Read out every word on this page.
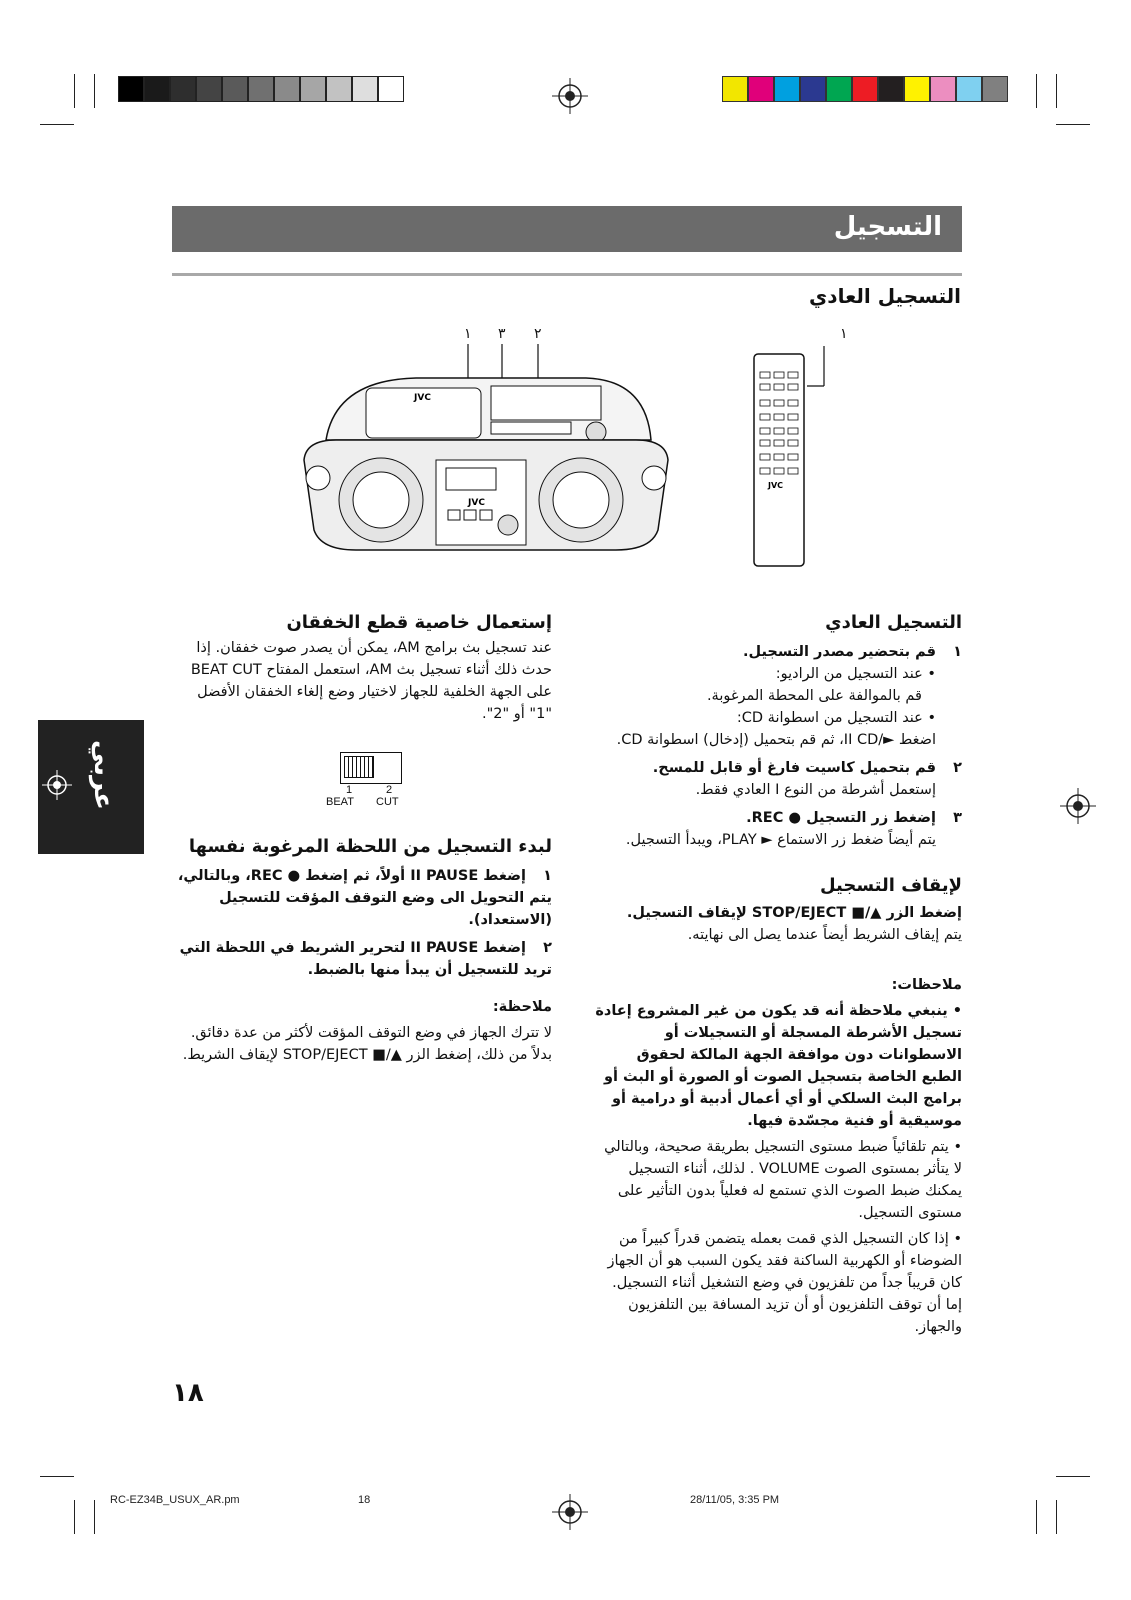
التسجيل
التسجيل العادي
١ ٣ ٢	١
JVC
JVC
JVC
التسجيل العادي
١قم بتحضير مصدر التسجيل.
• عند التسجيل من الراديو:
قم بالموالفة على المحطة المرغوبة.
• عند التسجيل من اسطوانة CD:
اضغط ►/II CD، ثم قم بتحميل (إدخال) اسطوانة CD.
٢قم بتحميل كاسيت فارغ أو قابل للمسح.
إستعمل أشرطة من النوع I العادي فقط.
٣إضغط زر التسجيل ● REC.
يتم أيضاً ضغط زر الاستماع ► PLAY، ويبدأ التسجيل.
لإيقاف التسجيل
إضغط الزر ▲/■ STOP/EJECT لإيقاف التسجيل.
يتم إيقاف الشريط أيضاً عندما يصل الى نهايته.
ملاحظات:
• ينبغي ملاحظة أنه قد يكون من غير المشروع إعادة تسجيل الأشرطة المسجلة أو التسجيلات أو الاسطوانات دون موافقة الجهة المالكة لحقوق الطبع الخاصة بتسجيل الصوت أو الصورة أو البث أو برامج البث السلكي أو أي أعمال أدبية أو درامية أو موسيقية أو فنية مجسّدة فيها.
• يتم تلقائياً ضبط مستوى التسجيل بطريقة صحيحة، وبالتالي لا يتأثر بمستوى الصوت VOLUME . لذلك، أثناء التسجيل يمكنك ضبط الصوت الذي تستمع له فعلياً بدون التأثير على مستوى التسجيل.
• إذا كان التسجيل الذي قمت بعمله يتضمن قدراً كبيراً من الضوضاء أو الكهربية الساكنة فقد يكون السبب هو أن الجهاز كان قريباً جداً من تلفزيون في وضع التشغيل أثناء التسجيل. إما أن توقف التلفزيون أو أن تزيد المسافة بين التلفزيون والجهاز.
إستعمال خاصية قطع الخفقان
عند تسجيل بث برامج AM، يمكن أن يصدر صوت خفقان. إذا حدث ذلك أثناء تسجيل بث AM، استعمل المفتاح BEAT CUT على الجهة الخلفية للجهاز لاختيار وضع إلغاء الخفقان الأفضل "1" أو "2".
1	2
BEAT CUT
لبدء التسجيل من اللحظة المرغوبة نفسها
١إضغط II PAUSE أولاً، ثم إضغط ● REC، وبالتالي، يتم التحويل الى وضع التوقف المؤقت للتسجيل (الاستعداد).
٢إضغط II PAUSE لتحرير الشريط في اللحظة التي تريد للتسجيل أن يبدأ منها بالضبط.
ملاحظة:
لا تترك الجهاز في وضع التوقف المؤقت لأكثر من عدة دقائق. بدلاً من ذلك، إضغط الزر ▲/■ STOP/EJECT لإيقاف الشريط.
عربي
١٨
RC-EZ34B_USUX_AR.pm	18	28/11/05, 3:35 PM
